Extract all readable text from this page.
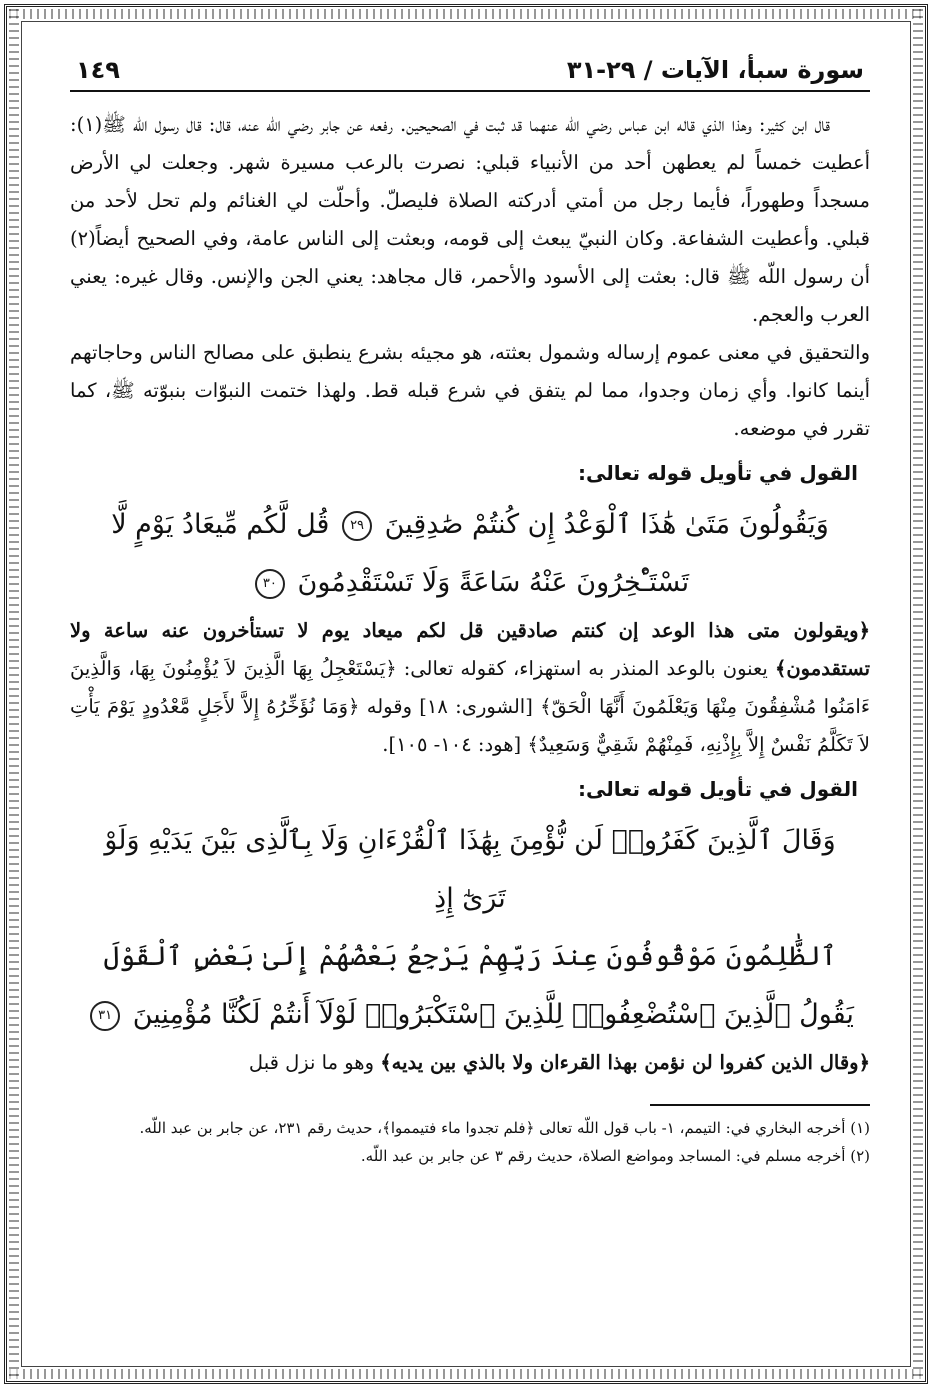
سورة سبأ، الآيات / ٢٩-٣١
١٤٩

قال ابن كثير: وهذا الذي قاله ابن عباس رضي اللّه عنهما قد ثبت في الصحيحين. رفعه عن جابر رضي اللّه عنه، قال: قال رسول اللّه ﷺ(١): أعطيت خمساً لم يعطهن أحد من الأنبياء قبلي: نصرت بالرعب مسيرة شهر. وجعلت لي الأرض مسجداً وطهوراً، فأيما رجل من أمتي أدركته الصلاة فليصلّ. وأحلّت لي الغنائم ولم تحل لأحد من قبلي. وأعطيت الشفاعة. وكان النبيّ يبعث إلى قومه، وبعثت إلى الناس عامة، وفي الصحيح أيضاً(٢) أن رسول اللّه ﷺ قال: بعثت إلى الأسود والأحمر، قال مجاهد: يعني الجن والإنس. وقال غيره: يعني العرب والعجم.

والتحقيق في معنى عموم إرساله وشمول بعثته، هو مجيئه بشرع ينطبق على مصالح الناس وحاجاتهم أينما كانوا. وأي زمان وجدوا، مما لم يتفق في شرع قبله قط. ولهذا ختمت النبوّات بنبوّته ﷺ، كما تقرر في موضعه.

القول في تأويل قوله تعالى:
وَيَقُولُونَ مَتَىٰ هَٰذَا ٱلْوَعْدُ إِن كُنتُمْ صَٰدِقِينَ ٢٩ قُل لَّكُم مِّيعَادُ يَوْمٍ لَّا
تَسْتَـْٔخِرُونَ عَنْهُ سَاعَةً وَلَا تَسْتَقْدِمُونَ ٣٠

﴿ويقولون متى هذا الوعد إن كنتم صادقين قل لكم ميعاد يوم لا تستأخرون عنه ساعة ولا تستقدمون﴾ يعنون بالوعد المنذر به استهزاء، كقوله تعالى: ﴿يَسْتَعْجِلُ بِهَا الَّذِينَ لاَ يُؤْمِنُونَ بِهَا، وَالَّذِينَ ءَامَنُوا مُشْفِقُونَ مِنْهَا وَيَعْلَمُونَ أَنَّهَا الْحَقّ﴾ [الشورى: ١٨] وقوله ﴿وَمَا نُؤَخِّرُهُ إِلاَّ لأَجَلٍ مَّعْدُودٍ يَوْمَ يَأْتِ لاَ تَكَلَّمُ نَفْسٌ إِلاَّ بِإِذْنِهِ، فَمِنْهُمْ شَقِيٌّ وَسَعِيدٌ﴾ [هود: ١٠٤- ١٠٥].

القول في تأويل قوله تعالى:
وَقَالَ ٱلَّذِينَ كَفَرُوا۟ لَن نُّؤْمِنَ بِهَٰذَا ٱلْقُرْءَانِ وَلَا بِٱلَّذِى بَيْنَ يَدَيْهِ وَلَوْ تَرَىٰٓ إِذِ
ٱلظَّٰلِمُونَ مَوْقُوفُونَ عِندَ رَبِّهِمْ يَرْجِعُ بَعْضُهُمْ إِلَىٰ بَعْضٍ ٱلْقَوْلَ
يَقُولُ ٱلَّذِينَ ٱسْتُضْعِفُوا۟ لِلَّذِينَ ٱسْتَكْبَرُوا۟ لَوْلَآ أَنتُمْ لَكُنَّا مُؤْمِنِينَ ٣١

﴿وقال الذين كفروا لن نؤمن بهذا القرءان ولا بالذي بين يديه﴾ وهو ما نزل قبل

(١) أخرجه البخاري في: التيمم، ١- باب قول اللّه تعالى ﴿فلم تجدوا ماء فتيمموا﴾، حديث رقم ٢٣١، عن جابر بن عبد اللّه.

(٢) أخرجه مسلم في: المساجد ومواضع الصلاة، حديث رقم ٣ عن جابر بن عبد اللّه.
